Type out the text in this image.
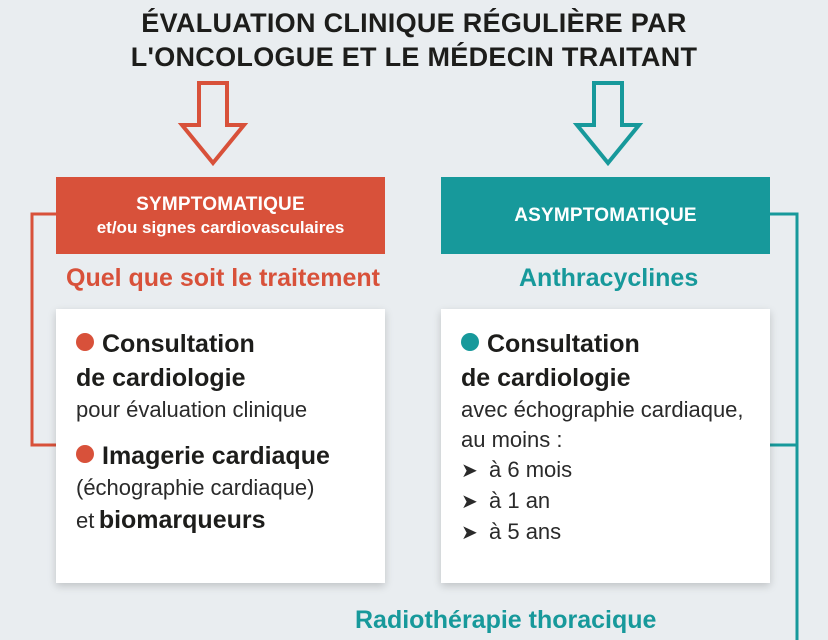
ÉVALUATION CLINIQUE RÉGULIÈRE PAR
L'ONCOLOGUE ET LE MÉDECIN TRAITANT
SYMPTOMATIQUE
et/ou signes cardiovasculaires
ASYMPTOMATIQUE
Quel que soit le traitement	Anthracyclines
Consultation
de cardiologie
pour évaluation clinique
Imagerie cardiaque
(échographie cardiaque)
et biomarqueurs
Consultation
de cardiologie
avec échographie cardiaque,
au moins :
➤ à 6 mois
➤ à 1 an
➤ à 5 ans
Radiothérapie thoracique
